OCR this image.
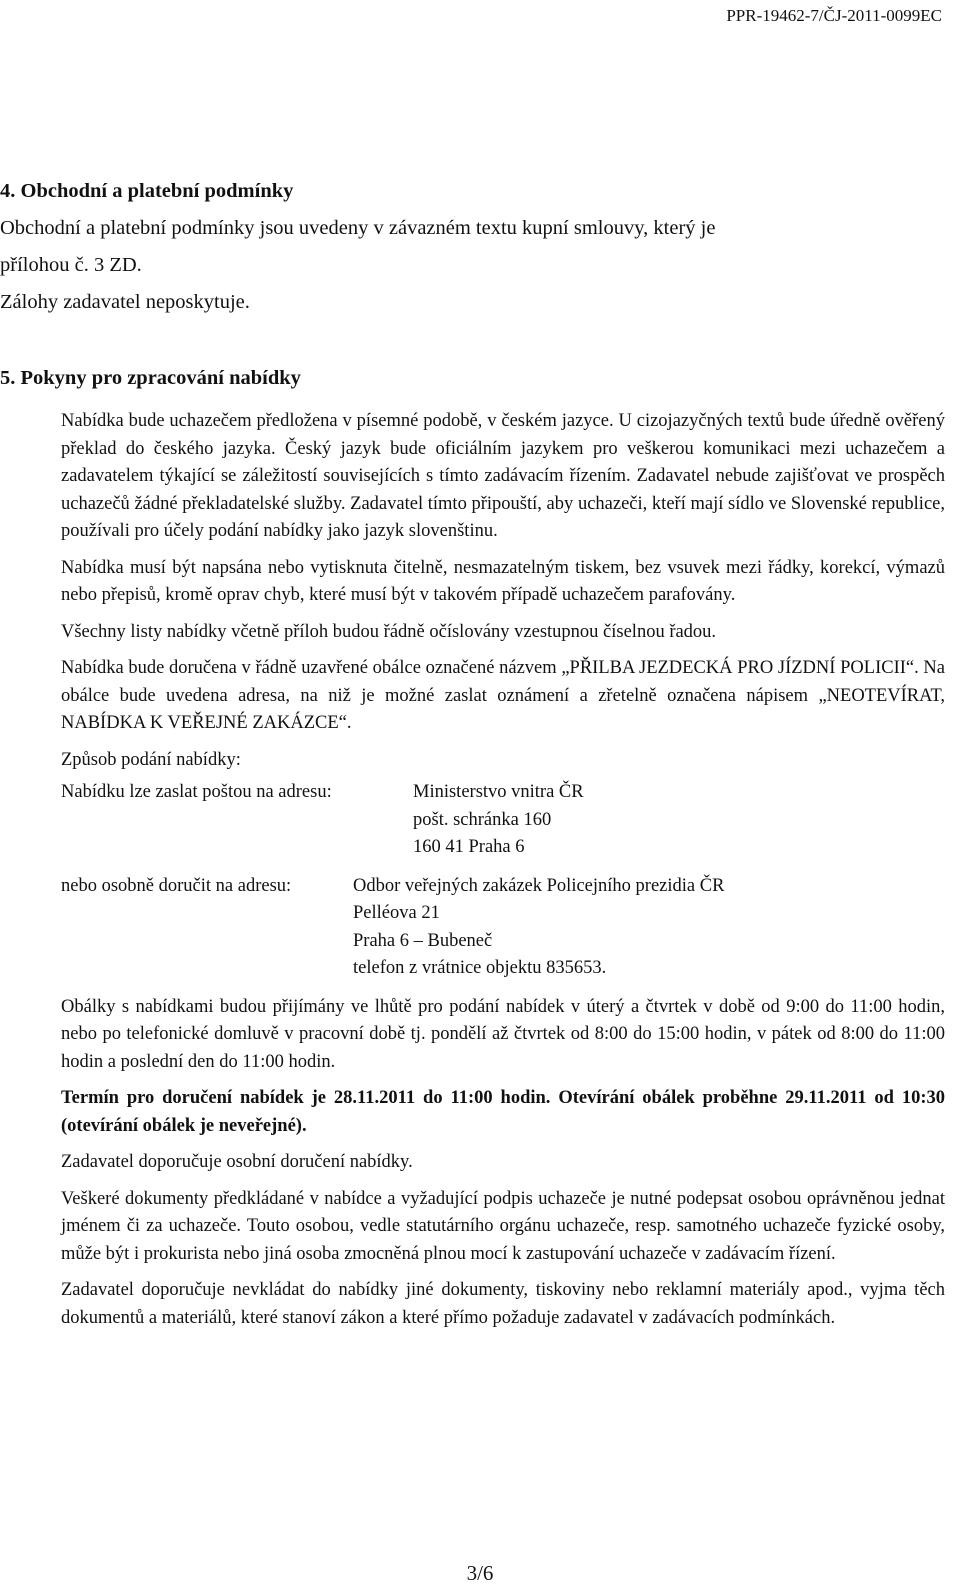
PPR-19462-7/ČJ-2011-0099EC

4. Obchodní a platební podmínky

Obchodní a platební podmínky jsou uvedeny v závazném textu kupní smlouvy, který je

přílohou č. 3 ZD.

Zálohy zadavatel neposkytuje.

5. Pokyny pro zpracování nabídky

Nabídka bude uchazečem předložena v písemné podobě, v českém jazyce. U cizojazyčných textů bude úředně ověřený překlad do českého jazyka. Český jazyk bude oficiálním jazykem pro veškerou komunikaci mezi uchazečem a zadavatelem týkající se záležitostí souvisejících s tímto zadávacím řízením. Zadavatel nebude zajišťovat ve prospěch uchazečů žádné překladatelské služby. Zadavatel tímto připouští, aby uchazeči, kteří mají sídlo ve Slovenské republice, používali pro účely podání nabídky jako jazyk slovenštinu.

Nabídka musí být napsána nebo vytisknuta čitelně, nesmazatelným tiskem, bez vsuvek mezi řádky, korekcí, výmazů nebo přepisů, kromě oprav chyb, které musí být v takovém případě uchazečem parafovány.

Všechny listy nabídky včetně příloh budou řádně očíslovány vzestupnou číselnou řadou.

Nabídka bude doručena v řádně uzavřené obálce označené názvem „PŘILBA JEZDECKÁ PRO JÍZDNÍ POLICII“. Na obálce bude uvedena adresa, na niž je možné zaslat oznámení a zřetelně označena nápisem „NEOTEVÍRAT, NABÍDKA K VEŘEJNÉ ZAKÁZCE“.

Způsob podání nabídky:

Nabídku lze zaslat poštou na adresu:	Ministerstvo vnitra ČR
pošt. schránka 160
160 41 Praha 6
nebo osobně doručit na adresu:	Odbor veřejných zakázek Policejního prezidia ČR
Pelléova 21
Praha 6 – Bubeneč
telefon z vrátnice objektu 835653.

Obálky s nabídkami budou přijímány ve lhůtě pro podání nabídek v úterý a čtvrtek v době od 9:00 do 11:00 hodin, nebo po telefonické domluvě v pracovní době tj. pondělí až čtvrtek od 8:00 do 15:00 hodin, v pátek od 8:00 do 11:00 hodin a poslední den do 11:00 hodin.

Termín pro doručení nabídek je 28.11.2011 do 11:00 hodin. Otevírání obálek proběhne 29.11.2011 od 10:30 (otevírání obálek je neveřejné).

Zadavatel doporučuje osobní doručení nabídky.

Veškeré dokumenty předkládané v nabídce a vyžadující podpis uchazeče je nutné podepsat osobou oprávněnou jednat jménem či za uchazeče. Touto osobou, vedle statutárního orgánu uchazeče, resp. samotného uchazeče fyzické osoby, může být i prokurista nebo jiná osoba zmocněná plnou mocí k zastupování uchazeče v zadávacím řízení.

Zadavatel doporučuje nevkládat do nabídky jiné dokumenty, tiskoviny nebo reklamní materiály apod., vyjma těch dokumentů a materiálů, které stanoví zákon a které přímo požaduje zadavatel v zadávacích podmínkách.

3/6
